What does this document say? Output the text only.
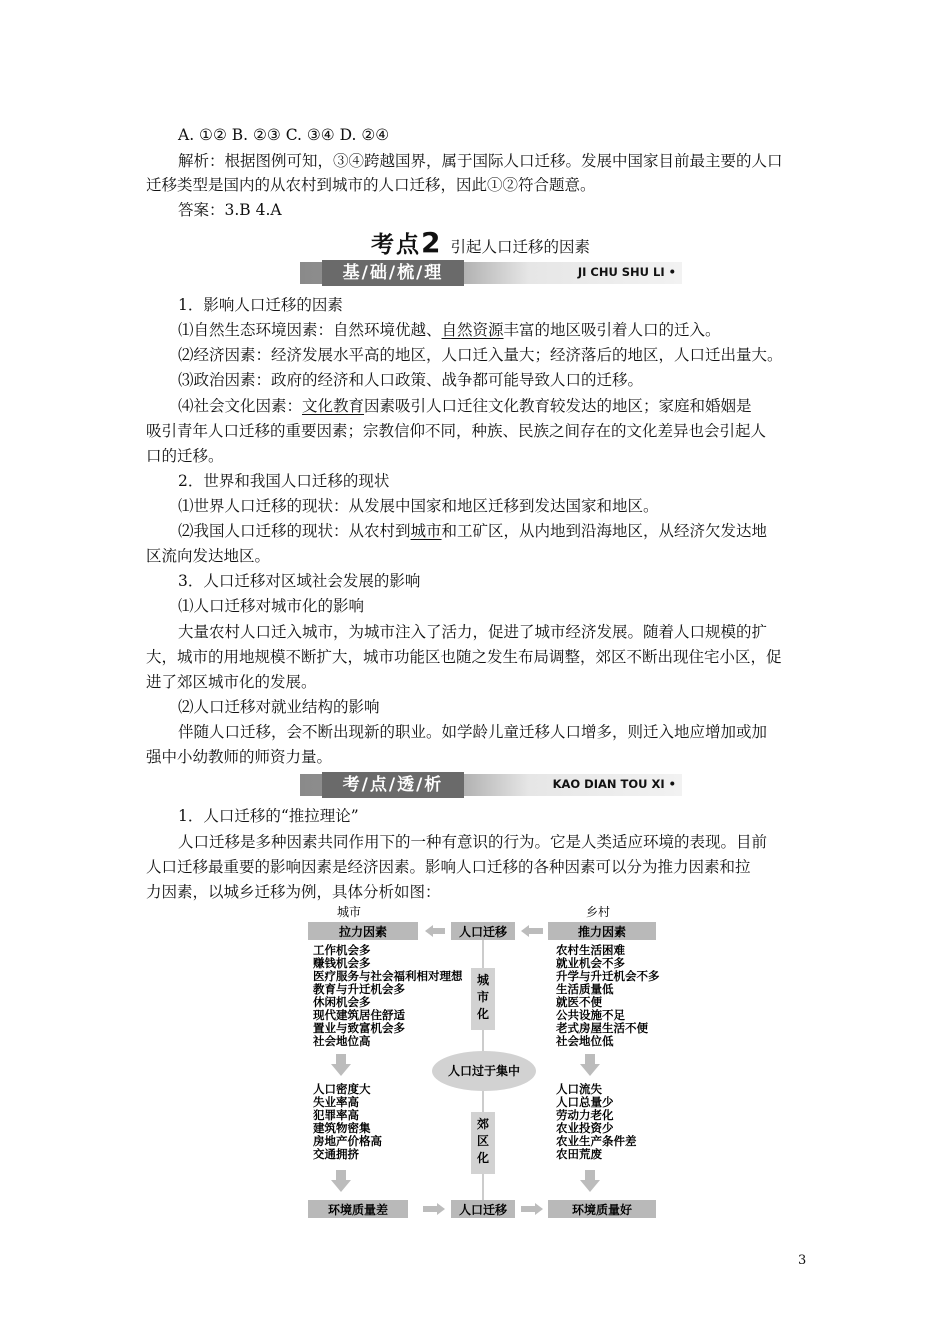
A. ①② B. ②③ C. ③④ D. ②④
解析：根据图例可知，③④跨越国界，属于国际人口迁移。发展中国家目前最主要的人口
迁移类型是国内的从农村到城市的人口迁移，因此①②符合题意。
答案：3.B 4.A
考点2 引起人口迁移的因素
基/础/梳/理	JI CHU SHU LI •
1．影响人口迁移的因素
⑴自然生态环境因素：自然环境优越、自然资源丰富的地区吸引着人口的迁入。
⑵经济因素：经济发展水平高的地区，人口迁入量大；经济落后的地区，人口迁出量大。
⑶政治因素：政府的经济和人口政策、战争都可能导致人口的迁移。
⑷社会文化因素：文化教育因素吸引人口迁往文化教育较发达的地区；家庭和婚姻是
吸引青年人口迁移的重要因素；宗教信仰不同，种族、民族之间存在的文化差异也会引起人
口的迁移。
2．世界和我国人口迁移的现状
⑴世界人口迁移的现状：从发展中国家和地区迁移到发达国家和地区。
⑵我国人口迁移的现状：从农村到城市和工矿区，从内地到沿海地区，从经济欠发达地
区流向发达地区。
3．人口迁移对区域社会发展的影响
⑴人口迁移对城市化的影响
大量农村人口迁入城市，为城市注入了活力，促进了城市经济发展。随着人口规模的扩
大，城市的用地规模不断扩大，城市功能区也随之发生布局调整，郊区不断出现住宅小区，促
进了郊区城市化的发展。
⑵人口迁移对就业结构的影响
伴随人口迁移，会不断出现新的职业。如学龄儿童迁移人口增多，则迁入地应增加或加
强中小幼教师的师资力量。
考/点/透/析	KAO DIAN TOU XI •
1．人口迁移的“推拉理论”
人口迁移是多种因素共同作用下的一种有意识的行为。它是人类适应环境的表现。目前
人口迁移最重要的影响因素是经济因素。影响人口迁移的各种因素可以分为推力因素和拉
力因素，以城乡迁移为例，具体分析如图：
城市	乡村
拉力因素	人口迁移	推力因素
城
市
化
人口过于集中
郊
区
化
工作机会多
赚钱机会多
医疗服务与社会福利相对理想
教育与升迁机会多
休闲机会多
现代建筑居住舒适
置业与致富机会多
社会地位高
农村生活困难
就业机会不多
升学与升迁机会不多
生活质量低
就医不便
公共设施不足
老式房屋生活不便
社会地位低
人口密度大
失业率高
犯罪率高
建筑物密集
房地产价格高
交通拥挤
人口流失
人口总量少
劳动力老化
农业投资少
农业生产条件差
农田荒废
环境质量差	人口迁移	环境质量好
3
